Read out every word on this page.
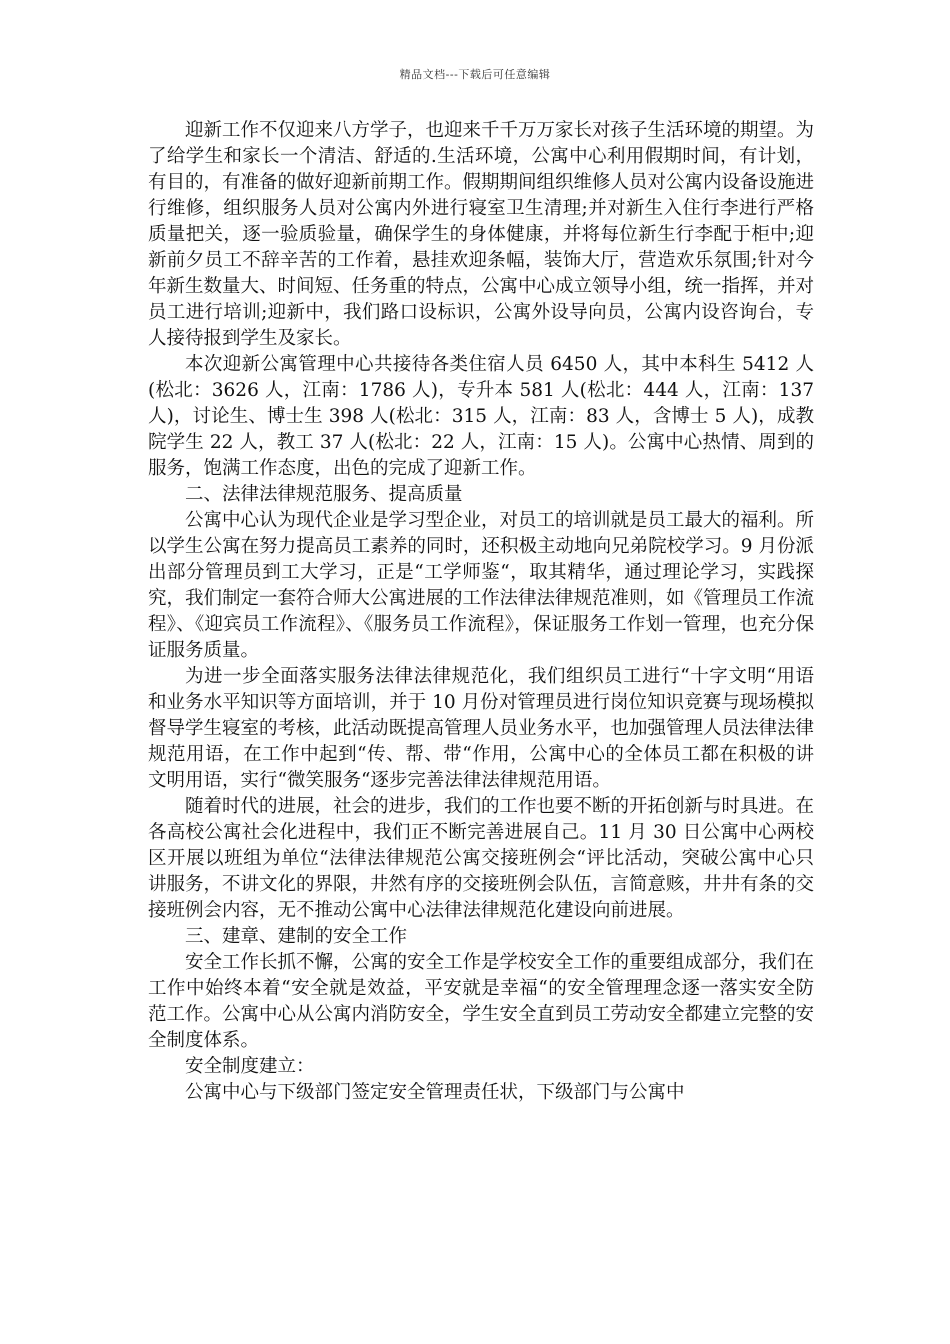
精品文档---下载后可任意编辑

迎新工作不仅迎来八方学子，也迎来千千万万家长对孩子生活环境的期望。为了给学生和家长一个清洁、舒适的.生活环境，公寓中心利用假期时间，有计划，有目的，有准备的做好迎新前期工作。假期期间组织维修人员对公寓内设备设施进行维修，组织服务人员对公寓内外进行寝室卫生清理;并对新生入住行李进行严格质量把关，逐一验质验量，确保学生的身体健康，并将每位新生行李配于柜中;迎新前夕员工不辞辛苦的工作着，悬挂欢迎条幅，装饰大厅，营造欢乐氛围;针对今年新生数量大、时间短、任务重的特点，公寓中心成立领导小组，统一指挥，并对员工进行培训;迎新中，我们路口设标识，公寓外设导向员，公寓内设咨询台，专人接待报到学生及家长。

本次迎新公寓管理中心共接待各类住宿人员 6450 人，其中本科生 5412 人(松北：3626 人，江南：1786 人)，专升本 581 人(松北：444 人，江南：137 人)，讨论生、博士生 398 人(松北：315 人，江南：83 人，含博士 5 人)，成教院学生 22 人，教工 37 人(松北：22 人，江南：15 人)。公寓中心热情、周到的服务，饱满工作态度，出色的完成了迎新工作。

二、法律法律规范服务、提高质量

公寓中心认为现代企业是学习型企业，对员工的培训就是员工最大的福利。所以学生公寓在努力提高员工素养的同时，还积极主动地向兄弟院校学习。9 月份派出部分管理员到工大学习，正是“工学师鉴“，取其精华，通过理论学习，实践探究，我们制定一套符合师大公寓进展的工作法律法律规范准则，如《管理员工作流程》、《迎宾员工作流程》、《服务员工作流程》，保证服务工作划一管理，也充分保证服务质量。

为进一步全面落实服务法律法律规范化，我们组织员工进行“十字文明“用语和业务水平知识等方面培训，并于 10 月份对管理员进行岗位知识竞赛与现场模拟督导学生寝室的考核，此活动既提高管理人员业务水平，也加强管理人员法律法律规范用语，在工作中起到“传、帮、带“作用，公寓中心的全体员工都在积极的讲文明用语，实行“微笑服务“逐步完善法律法律规范用语。

随着时代的进展，社会的进步，我们的工作也要不断的开拓创新与时具进。在各高校公寓社会化进程中，我们正不断完善进展自己。11 月 30 日公寓中心两校区开展以班组为单位“法律法律规范公寓交接班例会“评比活动，突破公寓中心只讲服务，不讲文化的界限，井然有序的交接班例会队伍，言简意赅，井井有条的交接班例会内容，无不推动公寓中心法律法律规范化建设向前进展。

三、建章、建制的安全工作

安全工作长抓不懈，公寓的安全工作是学校安全工作的重要组成部分，我们在工作中始终本着“安全就是效益，平安就是幸福“的安全管理理念逐一落实安全防范工作。公寓中心从公寓内消防安全，学生安全直到员工劳动安全都建立完整的安全制度体系。

安全制度建立：

公寓中心与下级部门签定安全管理责任状，下级部门与公寓中
